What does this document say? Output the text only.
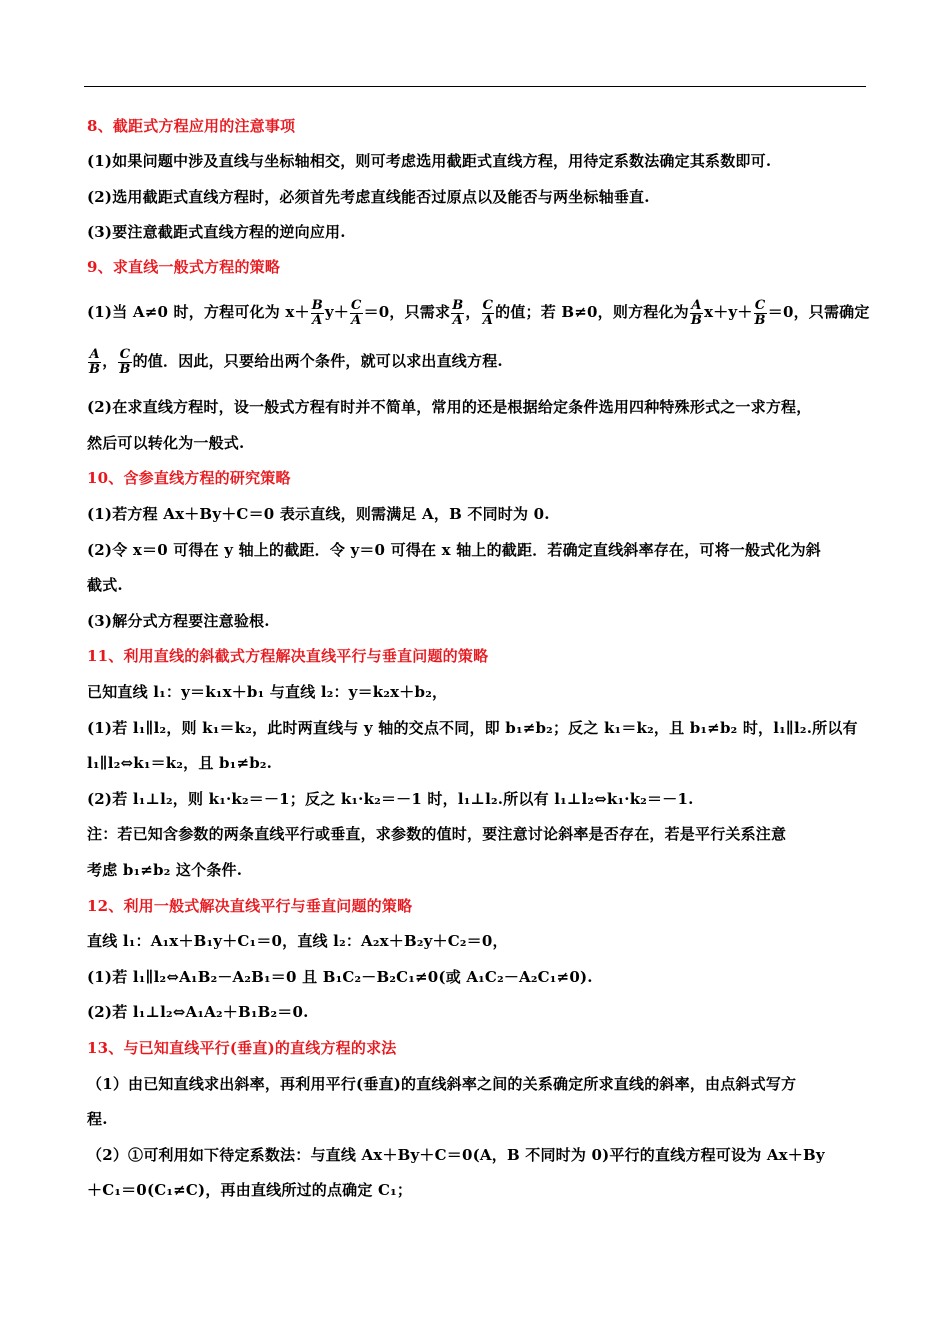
8、截距式方程应用的注意事项
(1)如果问题中涉及直线与坐标轴相交，则可考虑选用截距式直线方程，用待定系数法确定其系数即可.
(2)选用截距式直线方程时，必须首先考虑直线能否过原点以及能否与两坐标轴垂直.
(3)要注意截距式直线方程的逆向应用.
9、求直线一般式方程的策略
(1)当 A≠0 时，方程可化为 $x+ \frac{B}{A} y+ \frac{C}{A} =0$，只需求 $\frac{B}{A}$ ， $\frac{C}{A}$ 的值；若 B≠0，则方程化为 $\frac{A}{B} x+y+ \frac{C}{B} =0$，只需确定
$\frac{A}{B}$ ， $\frac{C}{B}$ 的值．因此，只要给出两个条件，就可以求出直线方程.
(2)在求直线方程时，设一般式方程有时并不简单，常用的还是根据给定条件选用四种特殊形式之一求方程，
然后可以转化为一般式.
10、含参直线方程的研究策略
(1)若方程 Ax＋By＋C＝0 表示直线，则需满足 A，B 不同时为 0.
(2)令 x＝0 可得在 y 轴上的截距．令 y＝0 可得在 x 轴上的截距．若确定直线斜率存在，可将一般式化为斜
截式.
(3)解分式方程要注意验根.
11、利用直线的斜截式方程解决直线平行与垂直问题的策略
已知直线 l₁：y＝k₁x＋b₁ 与直线 l₂：y＝k₂x＋b₂，
(1)若 l₁∥l₂，则 k₁＝k₂，此时两直线与 y 轴的交点不同，即 b₁≠b₂；反之 k₁＝k₂，且 b₁≠b₂ 时，l₁∥l₂.所以有
l₁∥l₂⇔k₁＝k₂，且 b₁≠b₂.
(2)若 l₁⊥l₂，则 k₁·k₂＝－1；反之 k₁·k₂＝－1 时，l₁⊥l₂.所以有 l₁⊥l₂⇔k₁·k₂＝－1.
注：若已知含参数的两条直线平行或垂直，求参数的值时，要注意讨论斜率是否存在，若是平行关系注意
考虑 b₁≠b₂ 这个条件.
12、利用一般式解决直线平行与垂直问题的策略
直线 l₁：A₁x＋B₁y＋C₁＝0，直线 l₂：A₂x＋B₂y＋C₂＝0，
(1)若 l₁∥l₂⇔A₁B₂－A₂B₁＝0 且 B₁C₂－B₂C₁≠0(或 A₁C₂－A₂C₁≠0).
(2)若 l₁⊥l₂⇔A₁A₂＋B₁B₂＝0.
13、与已知直线平行(垂直)的直线方程的求法
（1）由已知直线求出斜率，再利用平行(垂直)的直线斜率之间的关系确定所求直线的斜率，由点斜式写方
程.
（2）①可利用如下待定系数法：与直线 Ax＋By＋C＝0(A，B 不同时为 0)平行的直线方程可设为 Ax＋By
＋C₁＝0(C₁≠C)，再由直线所过的点确定 C₁；
